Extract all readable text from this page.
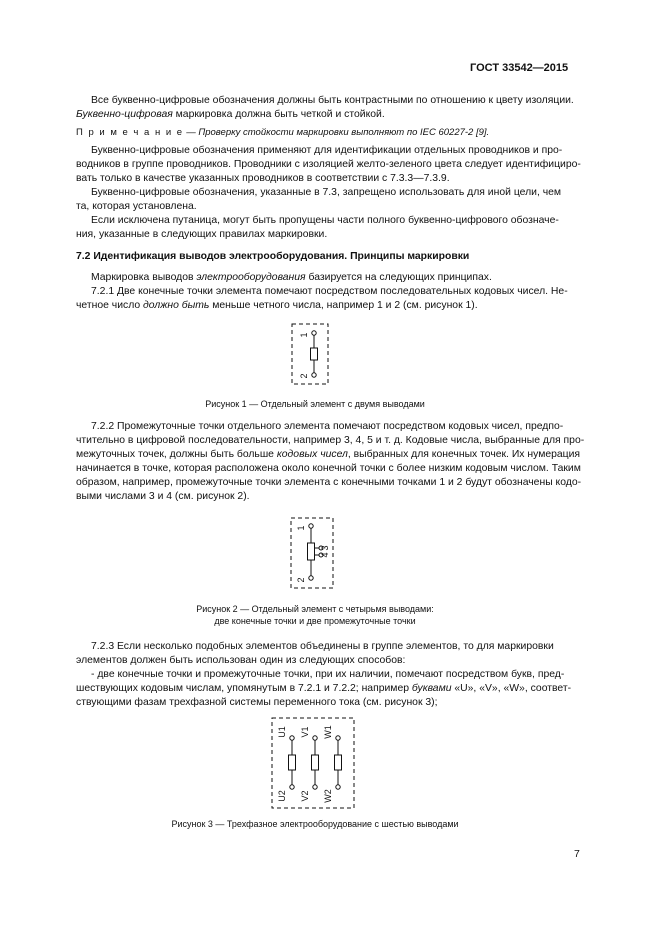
ГОСТ 33542—2015
Все буквенно-цифровые обозначения должны быть контрастными по отношению к цвету изоляции.
Буквенно-цифровая маркировка должна быть четкой и стойкой.
П р и м е ч а н и е — Проверку стойкости маркировки выполняют по IEC 60227-2 [9].
Буквенно-цифровые обозначения применяют для идентификации отдельных проводников и про-
водников в группе проводников. Проводники с изоляцией желто-зеленого цвета следует идентифициро-
вать только в качестве указанных проводников в соответствии с 7.3.3—7.3.9.
Буквенно-цифровые обозначения, указанные в 7.3, запрещено использовать для иной цели, чем
та, которая установлена.
Если исключена путаница, могут быть пропущены части полного буквенно-цифрового обозначе-
ния, указанные в следующих правилах маркировки.
7.2 Идентификация выводов электрооборудования. Принципы маркировки
Маркировка выводов электрооборудования базируется на следующих принципах.
7.2.1 Две конечные точки элемента помечают посредством последовательных кодовых чисел. Не-
четное число должно быть меньше четного числа, например 1 и 2 (см. рисунок 1).
1
2
Рисунок 1 — Отдельный элемент с двумя выводами
7.2.2 Промежуточные точки отдельного элемента помечают посредством кодовых чисел, предпо-
чтительно в цифровой последовательности, например 3, 4, 5 и т. д. Кодовые числа, выбранные для про-
межуточных точек, должны быть больше кодовых чисел, выбранных для конечных точек. Их нумерация
начинается в точке, которая расположена около конечной точки с более низким кодовым числом. Таким
образом, например, промежуточные точки элемента с конечными точками 1 и 2 будут обозначены кодо-
выми числами 3 и 4 (см. рисунок 2).
1
2
3
4
Рисунок 2 — Отдельный элемент с четырьмя выводами:
две конечные точки и две промежуточные точки
7.2.3 Если несколько подобных элементов объединены в группе элементов, то для маркировки
элементов должен быть использован один из следующих способов:
- две конечные точки и промежуточные точки, при их наличии, помечают посредством букв, пред-
шествующих кодовым числам, упомянутым в 7.2.1 и 7.2.2; например буквами «U», «V», «W», соответ-
ствующими фазам трехфазной системы переменного тока (см. рисунок 3);
U1
U2
V1
V2
W1
W2
Рисунок 3 — Трехфазное электрооборудование с шестью выводами
7
